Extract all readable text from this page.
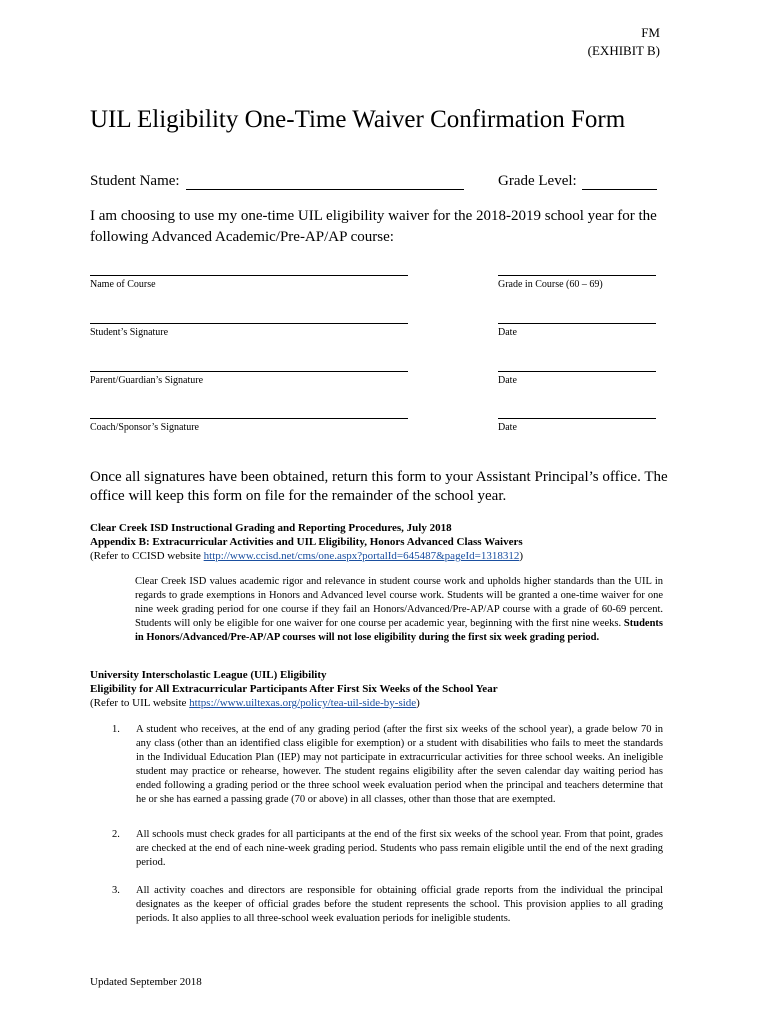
FM
(EXHIBIT B)
UIL Eligibility One-Time Waiver Confirmation Form
Student Name:	Grade Level:
I am choosing to use my one-time UIL eligibility waiver for the 2018-2019 school year for the following Advanced Academic/Pre-AP/AP course:
Name of Course	Grade in Course (60 – 69)
Student’s Signature	Date
Parent/Guardian’s Signature	Date
Coach/Sponsor’s Signature	Date
Once all signatures have been obtained, return this form to your Assistant Principal’s office. The office will keep this form on file for the remainder of the school year.
Clear Creek ISD Instructional Grading and Reporting Procedures, July 2018
Appendix B: Extracurricular Activities and UIL Eligibility, Honors Advanced Class Waivers
(Refer to CCISD website http://www.ccisd.net/cms/one.aspx?portalId=645487&pageId=1318312)
Clear Creek ISD values academic rigor and relevance in student course work and upholds higher standards than the UIL in regards to grade exemptions in Honors and Advanced level course work. Students will be granted a one-time waiver for one nine week grading period for one course if they fail an Honors/Advanced/Pre-AP/AP course with a grade of 60-69 percent. Students will only be eligible for one waiver for one course per academic year, beginning with the first nine weeks. Students in Honors/Advanced/Pre-AP/AP courses will not lose eligibility during the first six week grading period.
University Interscholastic League (UIL) Eligibility
Eligibility for All Extracurricular Participants After First Six Weeks of the School Year
(Refer to UIL website https://www.uiltexas.org/policy/tea-uil-side-by-side)
1. A student who receives, at the end of any grading period (after the first six weeks of the school year), a grade below 70 in any class (other than an identified class eligible for exemption) or a student with disabilities who fails to meet the standards in the Individual Education Plan (IEP) may not participate in extracurricular activities for three school weeks. An ineligible student may practice or rehearse, however. The student regains eligibility after the seven calendar day waiting period has ended following a grading period or the three school week evaluation period when the principal and teachers determine that he or she has earned a passing grade (70 or above) in all classes, other than those that are exempted.
2. All schools must check grades for all participants at the end of the first six weeks of the school year. From that point, grades are checked at the end of each nine-week grading period. Students who pass remain eligible until the end of the next grading period.
3. All activity coaches and directors are responsible for obtaining official grade reports from the individual the principal designates as the keeper of official grades before the student represents the school. This provision applies to all grading periods. It also applies to all three-school week evaluation periods for ineligible students.
Updated September 2018
